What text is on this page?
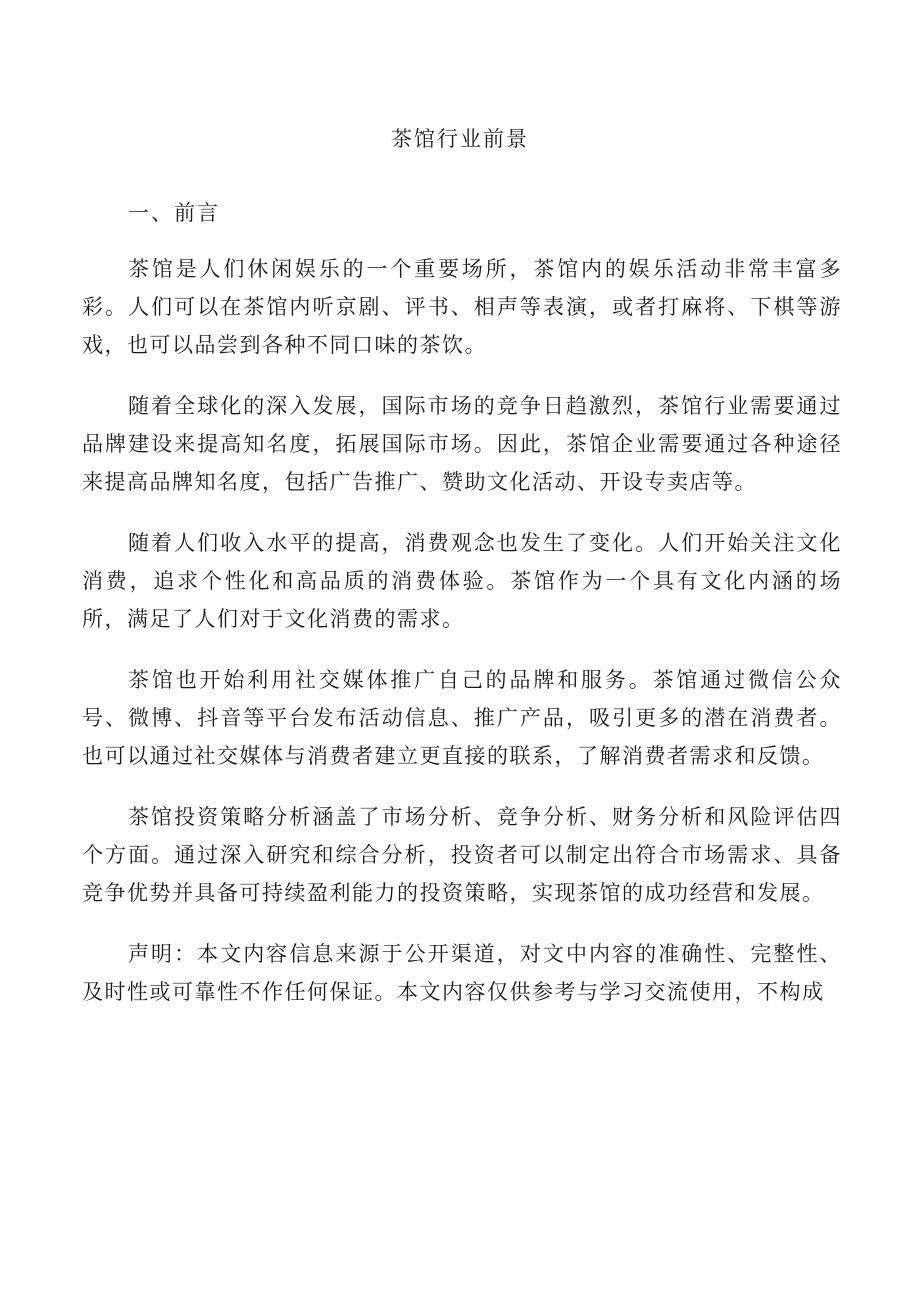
茶馆行业前景
一、前言

茶馆是人们休闲娱乐的一个重要场所，茶馆内的娱乐活动非常丰富多彩。人们可以在茶馆内听京剧、评书、相声等表演，或者打麻将、下棋等游戏，也可以品尝到各种不同口味的茶饮。

随着全球化的深入发展，国际市场的竞争日趋激烈，茶馆行业需要通过品牌建设来提高知名度，拓展国际市场。因此，茶馆企业需要通过各种途径来提高品牌知名度，包括广告推广、赞助文化活动、开设专卖店等。

随着人们收入水平的提高，消费观念也发生了变化。人们开始关注文化消费，追求个性化和高品质的消费体验。茶馆作为一个具有文化内涵的场所，满足了人们对于文化消费的需求。

茶馆也开始利用社交媒体推广自己的品牌和服务。茶馆通过微信公众号、微博、抖音等平台发布活动信息、推广产品，吸引更多的潜在消费者。也可以通过社交媒体与消费者建立更直接的联系，了解消费者需求和反馈。

茶馆投资策略分析涵盖了市场分析、竞争分析、财务分析和风险评估四个方面。通过深入研究和综合分析，投资者可以制定出符合市场需求、具备竞争优势并具备可持续盈利能力的投资策略，实现茶馆的成功经营和发展。

声明：本文内容信息来源于公开渠道，对文中内容的准确性、完整性、及时性或可靠性不作任何保证。本文内容仅供参考与学习交流使用，不构成
